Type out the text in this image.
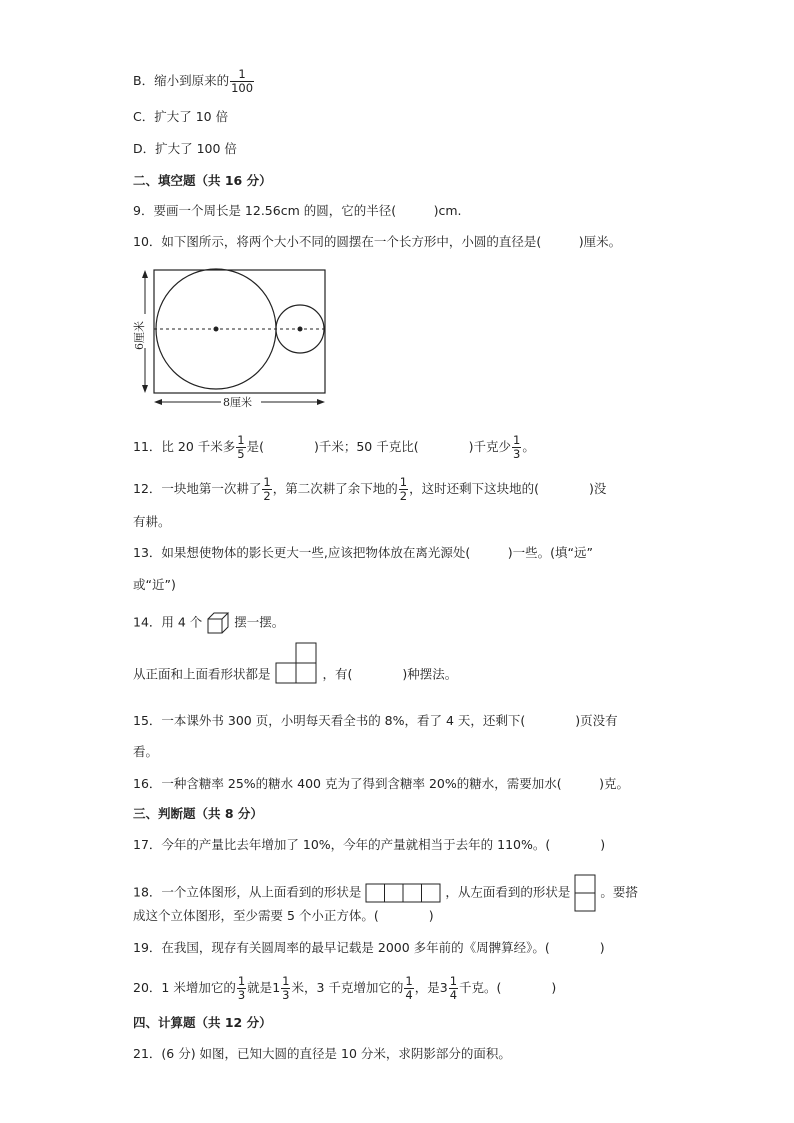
B．缩小到原来的 $\frac{1}{100}$
C．扩大了 10 倍
D．扩大了 100 倍
二、填空题（共 16 分）
9．要画一个周长是 12.56cm 的圆，它的半径(　　　)cm.
10．如下图所示，将两个大小不同的圆摆在一个长方形中，小圆的直径是(　　　)厘米。
6厘米
8厘米
11．比 20 千米多 $\frac{1}{5}$ 是(　　　　)千米；50 千克比(　　　　)千克少 $\frac{1}{3}$ 。
12．一块地第一次耕了 $\frac{1}{2}$ ，第二次耕了余下地的 $\frac{1}{2}$ ，这时还剩下这块地的(　　　　)没
有耕。
13．如果想使物体的影长更大一些,应该把物体放在离光源处(　　　)一些。(填“远”
或“近”)
14．用 4 个	摆一摆。
从正面和上面看形状都是	，有(　　　　)种摆法。
15．一本课外书 300 页，小明每天看全书的 8%，看了 4 天，还剩下(　　　　)页没有
看。
16．一种含糖率 25%的糖水 400 克为了得到含糖率 20%的糖水，需要加水(　　　)克。
三、判断题（共 8 分）
17．今年的产量比去年增加了 10%，今年的产量就相当于去年的 110%。(　　　　)
18．一个立体图形，从上面看到的形状是	，从左面看到的形状是 。要搭
成这个立体图形，至少需要 5 个小正方体。(　　　　)
19．在我国，现存有关圆周率的最早记载是 2000 多年前的《周髀算经》。(　　　　)
20．1 米增加它的 $\frac{1}{3}$ 就是$1 \frac{1}{3}$ 米，3 千克增加它的 $\frac{1}{4}$ ，是$3 \frac{1}{4}$ 千克。(　　　　)
四、计算题（共 12 分）
21．(6 分) 如图，已知大圆的直径是 10 分米，求阴影部分的面积。
